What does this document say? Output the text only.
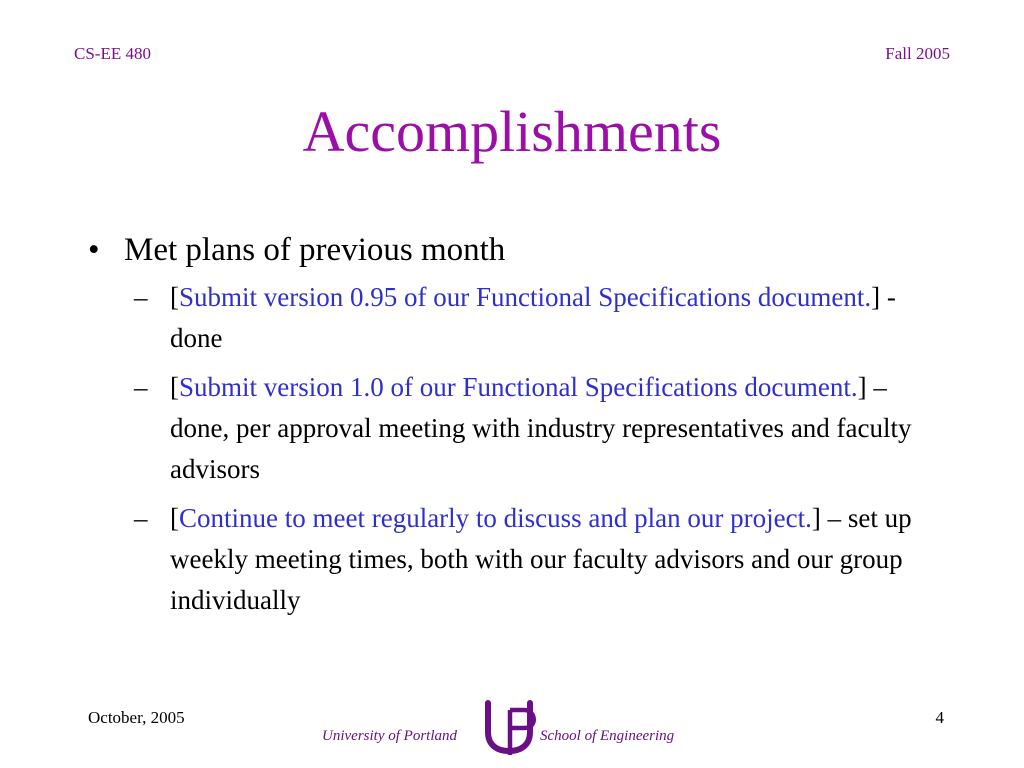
CS-EE 480	Fall 2005
Accomplishments
• Met plans of previous month
– [Submit version 0.95 of our Functional Specifications document.] - done
– [Submit version 1.0 of our Functional Specifications document.] – done, per approval meeting with industry representatives and faculty advisors
– [Continue to meet regularly to discuss and plan our project.] – set up weekly meeting times, both with our faculty advisors and our group individually
October, 2005
University of Portland	School of Engineering
4
